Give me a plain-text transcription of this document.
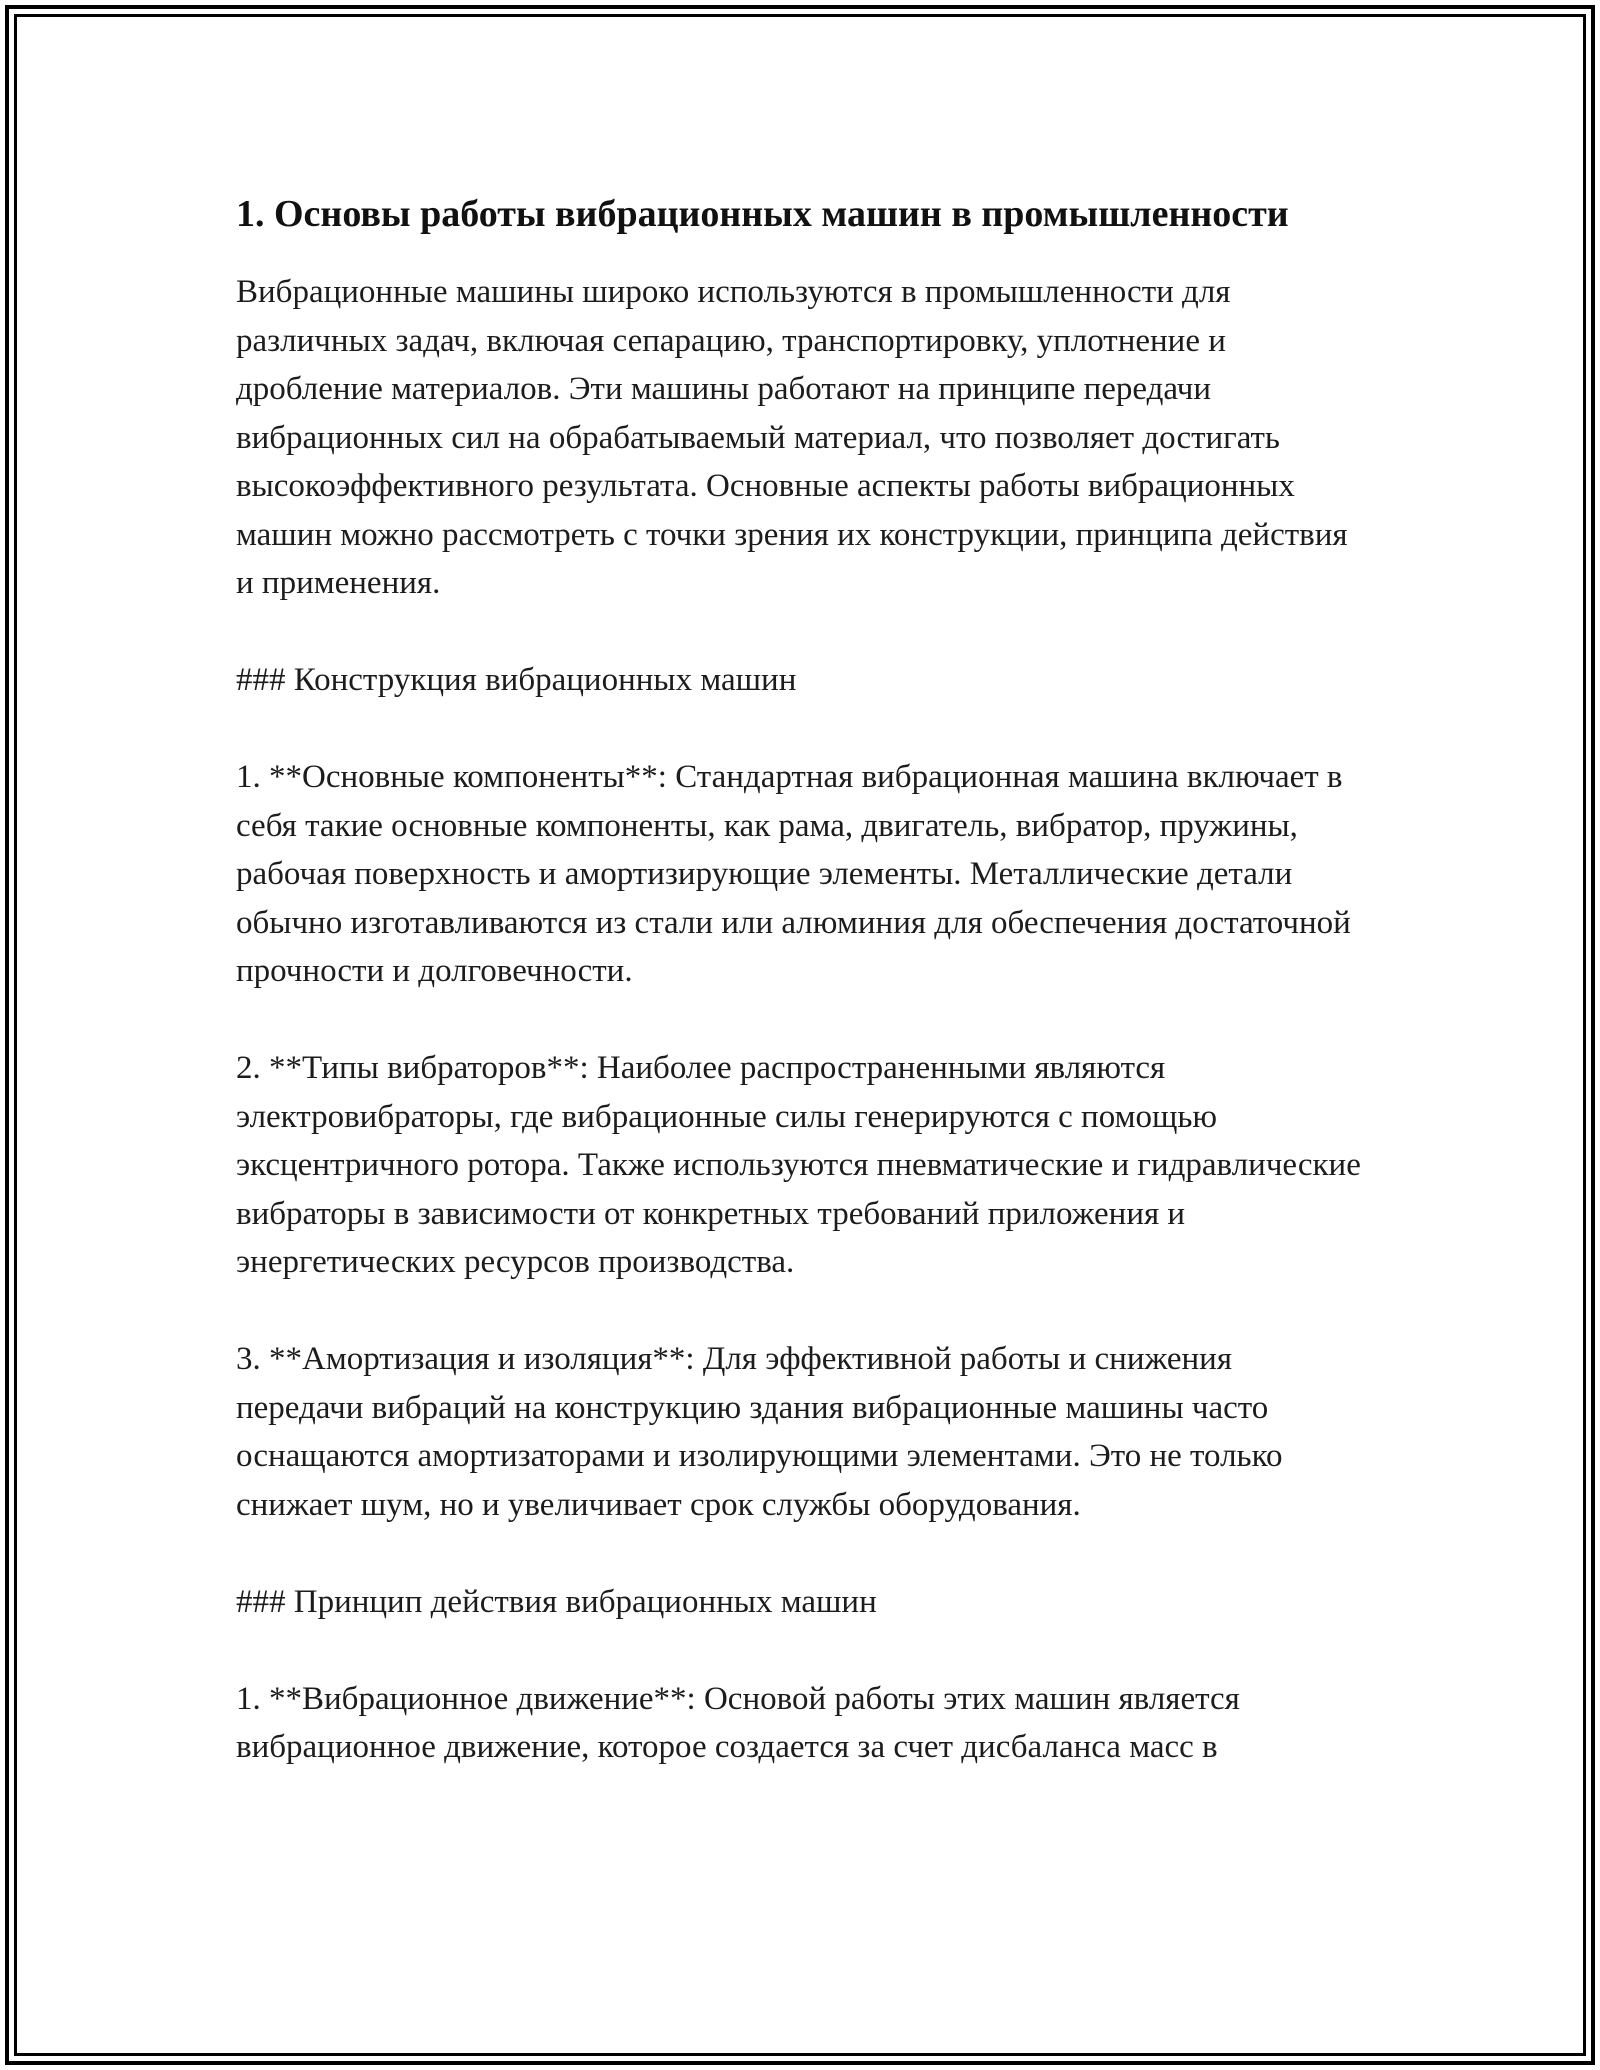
1. Основы работы вибрационных машин в промышленности

Вибрационные машины широко используются в промышленности для различных задач, включая сепарацию, транспортировку, уплотнение и дробление материалов. Эти машины работают на принципе передачи вибрационных сил на обрабатываемый материал, что позволяет достигать высокоэффективного результата. Основные аспекты работы вибрационных машин можно рассмотреть с точки зрения их конструкции, принципа действия и применения.

### Конструкция вибрационных машин

1. **Основные компоненты**: Стандартная вибрационная машина включает в себя такие основные компоненты, как рама, двигатель, вибратор, пружины, рабочая поверхность и амортизирующие элементы. Металлические детали обычно изготавливаются из стали или алюминия для обеспечения достаточной прочности и долговечности.

2. **Типы вибраторов**: Наиболее распространенными являются электровибраторы, где вибрационные силы генерируются с помощью эксцентричного ротора. Также используются пневматические и гидравлические вибраторы в зависимости от конкретных требований приложения и энергетических ресурсов производства.

3. **Амортизация и изоляция**: Для эффективной работы и снижения передачи вибраций на конструкцию здания вибрационные машины часто оснащаются амортизаторами и изолирующими элементами. Это не только снижает шум, но и увеличивает срок службы оборудования.

### Принцип действия вибрационных машин

1. **Вибрационное движение**: Основой работы этих машин является вибрационное движение, которое создается за счет дисбаланса масс в
